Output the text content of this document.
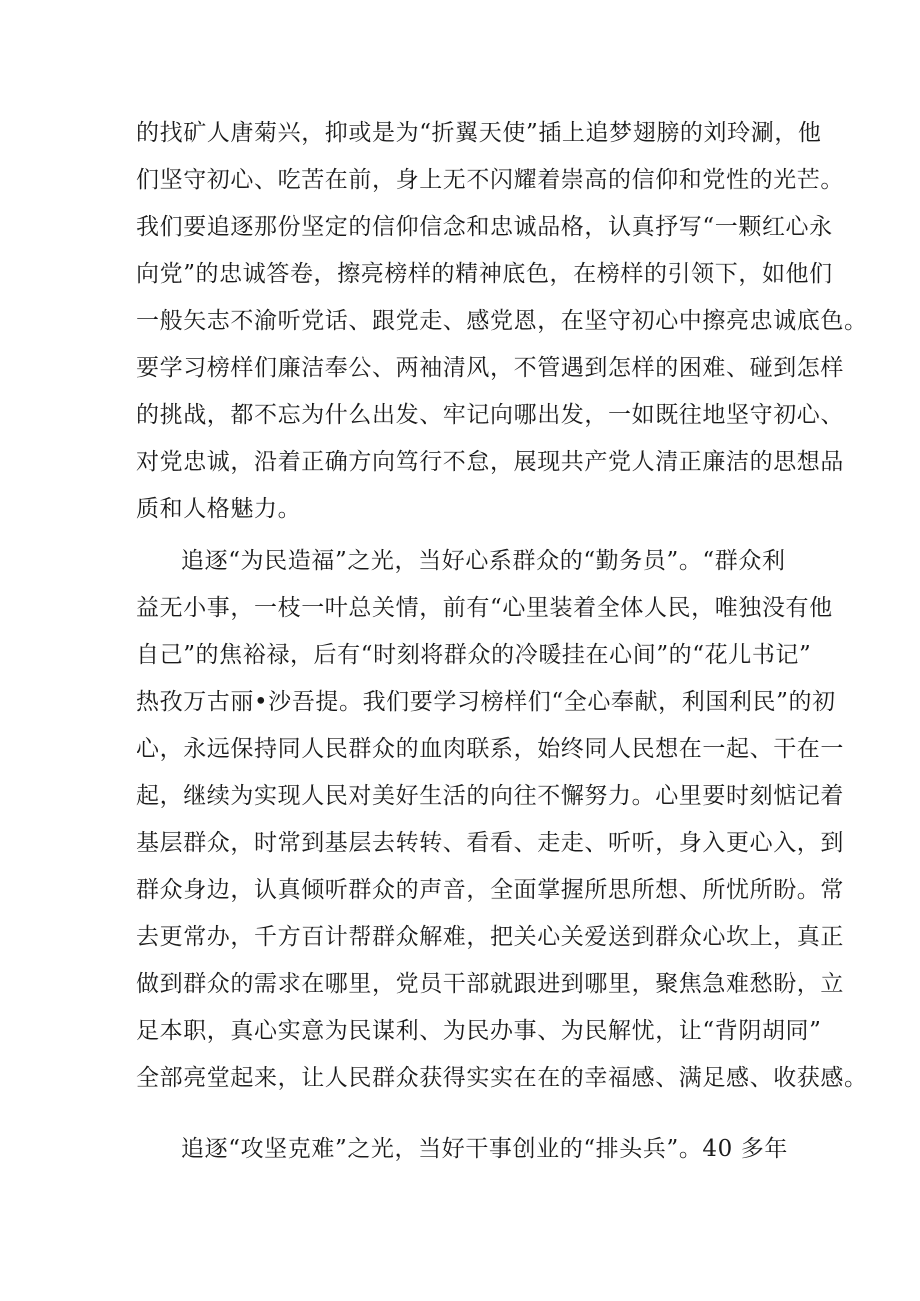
的找矿人唐菊兴，抑或是为“折翼天使”插上追梦翅膀的刘玲涮，他
们坚守初心、吃苦在前，身上无不闪耀着崇高的信仰和党性的光芒。
我们要追逐那份坚定的信仰信念和忠诚品格，认真抒写“一颗红心永
向党”的忠诚答卷，擦亮榜样的精神底色，在榜样的引领下，如他们
一般矢志不渝听党话、跟党走、感党恩，在坚守初心中擦亮忠诚底色。
要学习榜样们廉洁奉公、两袖清风，不管遇到怎样的困难、碰到怎样
的挑战，都不忘为什么出发、牢记向哪出发，一如既往地坚守初心、
对党忠诚，沿着正确方向笃行不怠，展现共产党人清正廉洁的思想品
质和人格魅力。
追逐“为民造福”之光，当好心系群众的“勤务员”。“群众利
益无小事，一枝一叶总关情，前有“心里装着全体人民，唯独没有他
自己”的焦裕禄，后有“时刻将群众的冷暖挂在心间”的“花儿书记”
热孜万古丽•沙吾提。我们要学习榜样们“全心奉献，利国利民”的初
心，永远保持同人民群众的血肉联系，始终同人民想在一起、干在一
起，继续为实现人民对美好生活的向往不懈努力。心里要时刻惦记着
基层群众，时常到基层去转转、看看、走走、听听，身入更心入，到
群众身边，认真倾听群众的声音，全面掌握所思所想、所忧所盼。常
去更常办，千方百计帮群众解难，把关心关爱送到群众心坎上，真正
做到群众的需求在哪里，党员干部就跟进到哪里，聚焦急难愁盼，立
足本职，真心实意为民谋利、为民办事、为民解忧，让“背阴胡同”
全部亮堂起来，让人民群众获得实实在在的幸福感、满足感、收获感。
追逐“攻坚克难”之光，当好干事创业的“排头兵”。40 多年
